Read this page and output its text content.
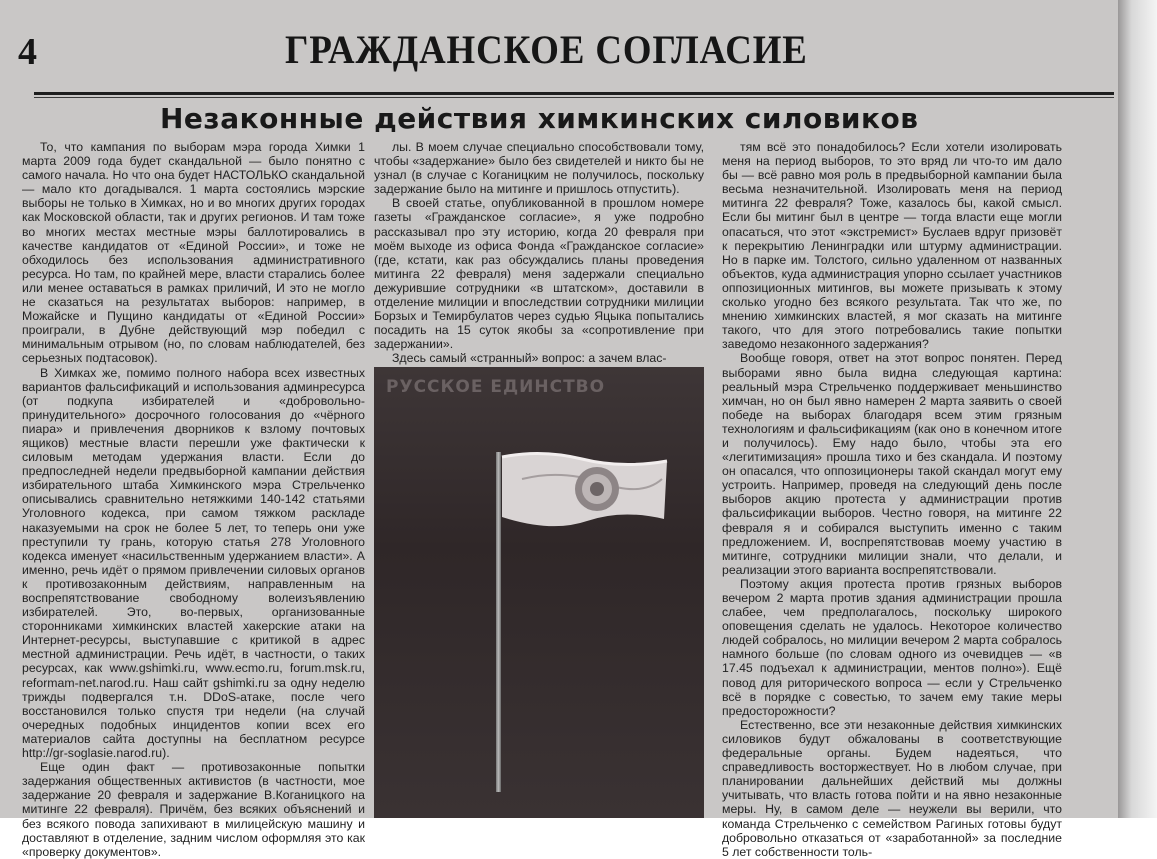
4	ГРАЖДАНСКОЕ СОГЛАСИЕ
Незаконные действия химкинских силовиков

То, что кампания по выборам мэра города Химки 1 марта 2009 года будет скандальной — было понятно с самого начала. Но что она будет НАСТОЛЬКО скандальной — мало кто догадывался. 1 марта состоялись мэрские выборы не только в Химках, но и во многих других городах как Московской области, так и других регионов. И там тоже во многих местах местные мэры баллотировались в качестве кандидатов от «Единой России», и тоже не обходилось без использования административного ресурса. Но там, по крайней мере, власти старались более или менее оставаться в рамках приличий, И это не могло не сказаться на результатах выборов: например, в Можайске и Пущино кандидаты от «Единой России» проиграли, в Дубне действующий мэр победил с минимальным отрывом (но, по словам наблюдателей, без серьезных подтасовок).

В Химках же, помимо полного набора всех известных вариантов фальсификаций и использования админресурса (от подкупа избирателей и «добровольно-принудительного» досрочного голосования до «чёрного пиара» и привлечения дворников к взлому почтовых ящиков) местные власти перешли уже фактически к силовым методам удержания власти. Если до предпоследней недели предвыборной кампании действия избирательного штаба Химкинского мэра Стрельченко описывались сравнительно нетяжкими 140-142 статьями Уголовного кодекса, при самом тяжком раскладе наказуемыми на срок не более 5 лет, то теперь они уже преступили ту грань, которую статья 278 Уголовного кодекса именует «насильственным удержанием власти». А именно, речь идёт о прямом привлечении силовых органов к противозаконным действиям, направленным на воспрепятствование свободному волеизъявлению избирателей. Это, во-первых, организованные сторонниками химкинских властей хакерские атаки на Интернет-ресурсы, выступавшие с критикой в адрес местной администрации. Речь идёт, в частности, о таких ресурсах, как www.gshimki.ru, www.ecmo.ru, forum.msk.ru, reformam-net.narod.ru. Наш сайт gshimki.ru за одну неделю трижды подвергался т.н. DDoS-атаке, после чего восстановился только спустя три недели (на случай очередных подобных инцидентов копии всех его материалов сайта доступны на бесплатном ресурсе http://gr-soglasie.narod.ru).

Еще один факт — противозаконные попытки задержания общественных активистов (в частности, мое задержание 20 февраля и задержание В.Коганицкого на митинге 22 февраля). Причём, без всяких объяснений и без всякого повода запихивают в милицейскую машину и доставляют в отделение, задним числом оформляя это как «проверку документов».

лы. В моем случае специально способствовали тому, чтобы «задержание» было без свидетелей и никто бы не узнал (в случае с Коганицким не получилось, поскольку задержание было на митинге и пришлось отпустить).

В своей статье, опубликованной в прошлом номере газеты «Гражданское согласие», я уже подробно рассказывал про эту историю, когда 20 февраля при моём выходе из офиса Фонда «Гражданское согласие» (где, кстати, как раз обсуждались планы проведения митинга 22 февраля) меня задержали специально дежурившие сотрудники «в штатском», доставили в отделение милиции и впоследствии сотрудники милиции Борзых и Темирбулатов через судью Яцыка попытались посадить на 15 суток якобы за «сопротивление при задержании».

Здесь самый «странный» вопрос: а зачем влас-

РУССКОЕ ЕДИНСТВО

тям всё это понадобилось? Если хотели изолировать меня на период выборов, то это вряд ли что-то им дало бы — всё равно моя роль в предвыборной кампании была весьма незначительной. Изолировать меня на период митинга 22 февраля? Тоже, казалось бы, какой смысл. Если бы митинг был в центре — тогда власти еще могли опасаться, что этот «экстремист» Буслаев вдруг призовёт к перекрытию Ленинградки или штурму администрации. Но в парке им. Толстого, сильно удаленном от названных объектов, куда администрация упорно ссылает участников оппозиционных митингов, вы можете призывать к этому сколько угодно без всякого результата. Так что же, по мнению химкинских властей, я мог сказать на митинге такого, что для этого потребовались такие попытки заведомо незаконного задержания?

Вообще говоря, ответ на этот вопрос понятен. Перед выборами явно была видна следующая картина: реальный мэра Стрельченко поддерживает меньшинство химчан, но он был явно намерен 2 марта заявить о своей победе на выборах благодаря всем этим грязным технологиям и фальсификациям (как оно в конечном итоге и получилось). Ему надо было, чтобы эта его «легитимизация» прошла тихо и без скандала. И поэтому он опасался, что оппозиционеры такой скандал могут ему устроить. Например, проведя на следующий день после выборов акцию протеста у администрации против фальсификации выборов. Честно говоря, на митинге 22 февраля я и собирался выступить именно с таким предложением. И, воспрепятствовав моему участию в митинге, сотрудники милиции знали, что делали, и реализации этого варианта воспрепятствовали.

Поэтому акция протеста против грязных выборов вечером 2 марта против здания администрации прошла слабее, чем предполагалось, поскольку широкого оповещения сделать не удалось. Некоторое количество людей собралось, но милиции вечером 2 марта собралось намного больше (по словам одного из очевидцев — «в 17.45 подъехал к администрации, ментов полно»). Ещё повод для риторического вопроса — если у Стрельченко всё в порядке с совестью, то зачем ему такие меры предосторожности?

Естественно, все эти незаконные действия химкинских силовиков будут обжалованы в соответствующие федеральные органы. Будем надеяться, что справедливость восторжествует. Но в любом случае, при планировании дальнейших действий мы должны учитывать, что власть готова пойти и на явно незаконные меры. Ну, в самом деле — неужели вы верили, что команда Стрельченко с семейством Рагиных готовы будут добровольно отказаться от «заработанной» за последние 5 лет собственности толь-
